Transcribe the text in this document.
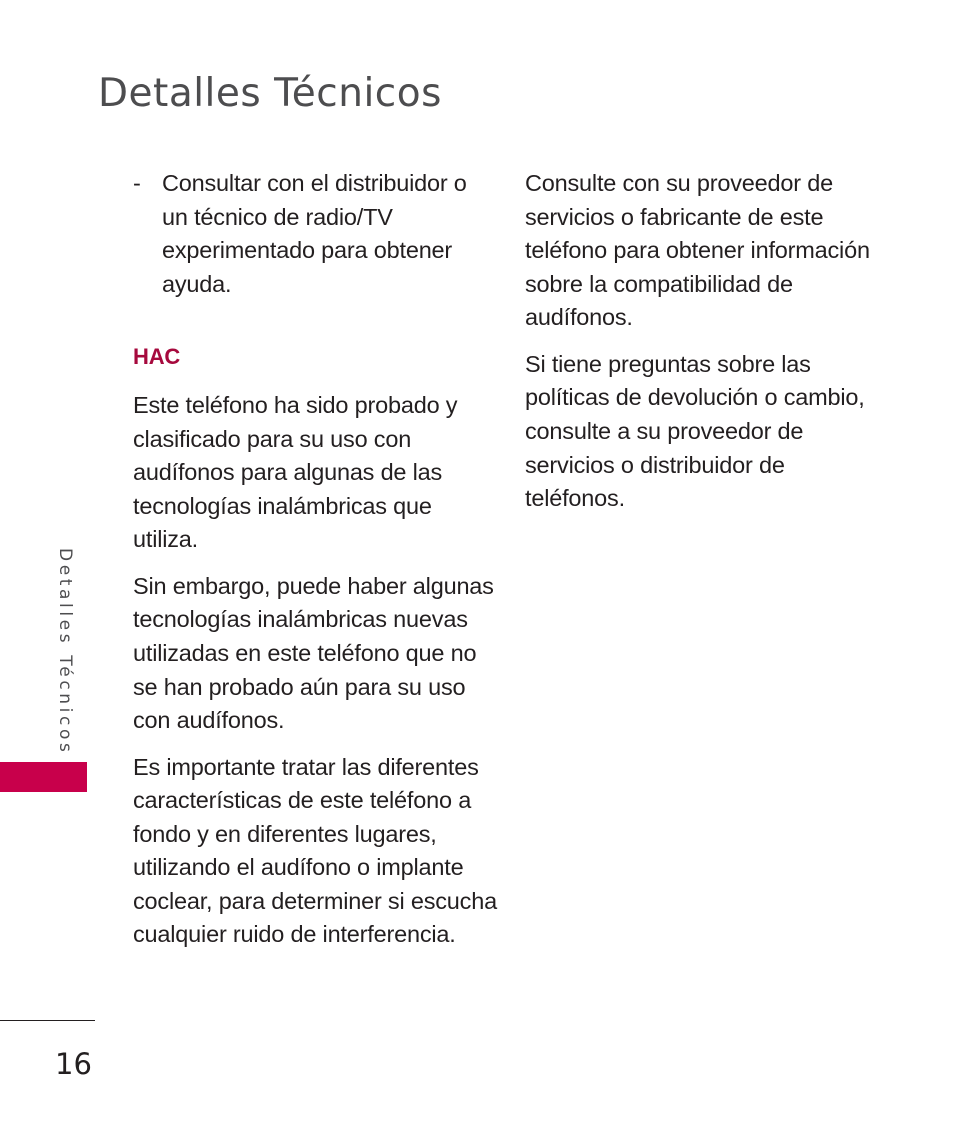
Detalles Técnicos
- Consultar con el distribuidor o un técnico de radio/TV experimentado para obtener ayuda.
HAC

Este teléfono ha sido probado y clasificado para su uso con audífonos para algunas de las tecnologías inalámbricas que utiliza.

Sin embargo, puede haber algunas tecnologías inalámbricas nuevas utilizadas en este teléfono que no se han probado aún para su uso con audífonos.

Es importante tratar las diferentes características de este teléfono a fondo y en diferentes lugares, utilizando el audífono o implante coclear, para determiner si escucha cualquier ruido de interferencia.

Consulte con su proveedor de servicios o fabricante de este teléfono para obtener información sobre la compatibilidad de audífonos.

Si tiene preguntas sobre las políticas de devolución o cambio, consulte a su proveedor de servicios o distribuidor de teléfonos.

Detalles Técnicos
16
